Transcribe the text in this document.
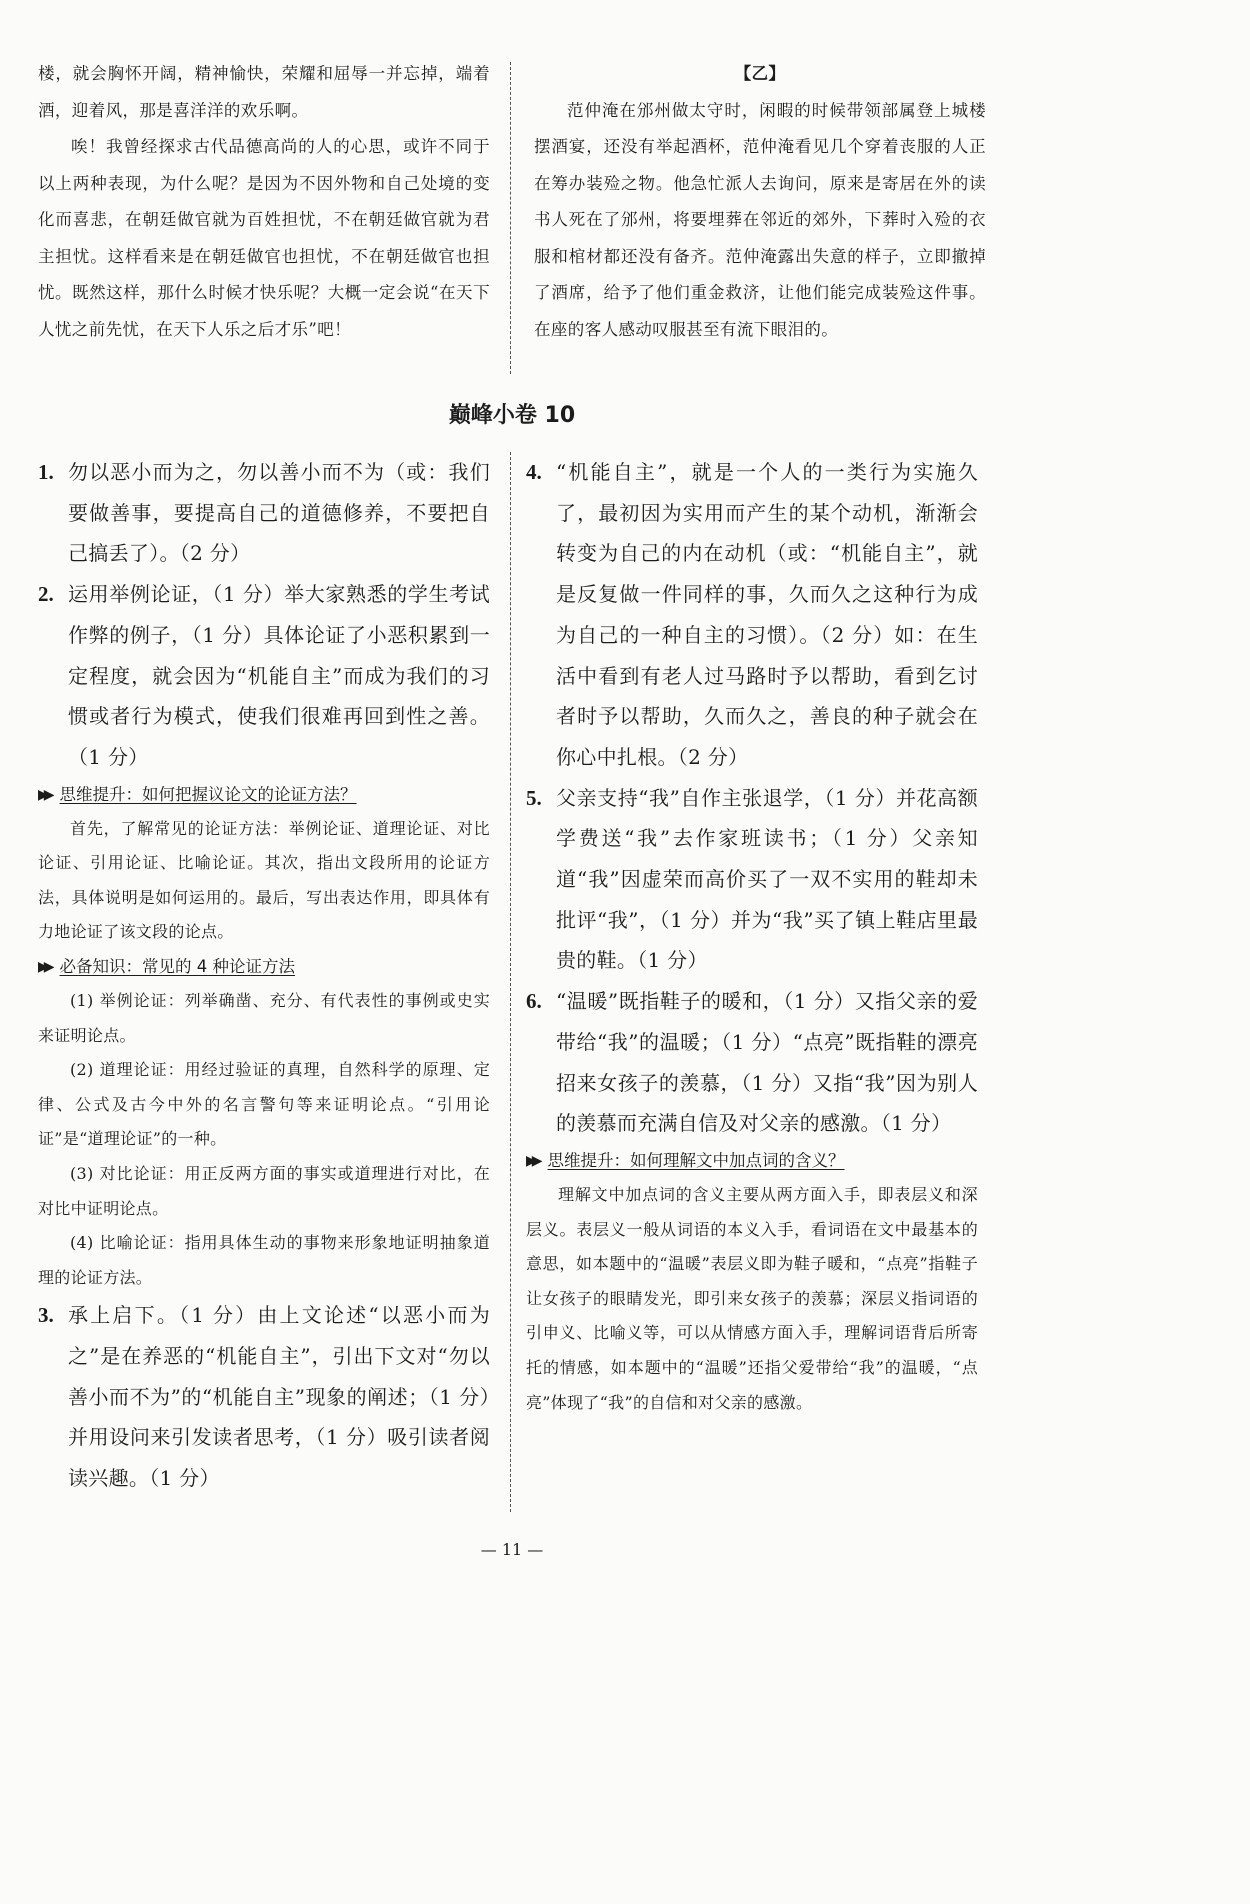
楼，就会胸怀开阔，精神愉快，荣耀和屈辱一并忘掉，端着酒，迎着风，那是喜洋洋的欢乐啊。

唉！我曾经探求古代品德高尚的人的心思，或许不同于以上两种表现，为什么呢？是因为不因外物和自己处境的变化而喜悲，在朝廷做官就为百姓担忧，不在朝廷做官就为君主担忧。这样看来是在朝廷做官也担忧，不在朝廷做官也担忧。既然这样，那什么时候才快乐呢？大概一定会说“在天下人忧之前先忧，在天下人乐之后才乐”吧！

【乙】

范仲淹在邠州做太守时，闲暇的时候带领部属登上城楼摆酒宴，还没有举起酒杯，范仲淹看见几个穿着丧服的人正在筹办装殓之物。他急忙派人去询问，原来是寄居在外的读书人死在了邠州，将要埋葬在邻近的郊外，下葬时入殓的衣服和棺材都还没有备齐。范仲淹露出失意的样子，立即撤掉了酒席，给予了他们重金救济，让他们能完成装殓这件事。在座的客人感动叹服甚至有流下眼泪的。

巅峰小卷 10
1. 勿以恶小而为之，勿以善小而不为（或：我们要做善事，要提高自己的道德修养，不要把自己搞丢了）。（2 分）
2. 运用举例论证，（1 分）举大家熟悉的学生考试作弊的例子，（1 分）具体论证了小恶积累到一定程度，就会因为“机能自主”而成为我们的习惯或者行为模式，使我们很难再回到性之善。（1 分）
▶▶ 思维提升：如何把握议论文的论证方法？

首先，了解常见的论证方法：举例论证、道理论证、对比论证、引用论证、比喻论证。其次，指出文段所用的论证方法，具体说明是如何运用的。最后，写出表达作用，即具体有力地论证了该文段的论点。

▶▶ 必备知识：常见的 4 种论证方法

(1) 举例论证：列举确凿、充分、有代表性的事例或史实来证明论点。

(2) 道理论证：用经过验证的真理，自然科学的原理、定律、公式及古今中外的名言警句等来证明论点。“引用论证”是“道理论证”的一种。

(3) 对比论证：用正反两方面的事实或道理进行对比，在对比中证明论点。

(4) 比喻论证：指用具体生动的事物来形象地证明抽象道理的论证方法。

3. 承上启下。（1 分）由上文论述“以恶小而为之”是在养恶的“机能自主”，引出下文对“勿以善小而不为”的“机能自主”现象的阐述；（1 分）并用设问来引发读者思考，（1 分）吸引读者阅读兴趣。（1 分）
4. “机能自主”，就是一个人的一类行为实施久了，最初因为实用而产生的某个动机，渐渐会转变为自己的内在动机（或：“机能自主”，就是反复做一件同样的事，久而久之这种行为成为自己的一种自主的习惯）。（2 分）如：在生活中看到有老人过马路时予以帮助，看到乞讨者时予以帮助，久而久之，善良的种子就会在你心中扎根。（2 分）
5. 父亲支持“我”自作主张退学，（1 分）并花高额学费送“我”去作家班读书；（1 分）父亲知道“我”因虚荣而高价买了一双不实用的鞋却未批评“我”，（1 分）并为“我”买了镇上鞋店里最贵的鞋。（1 分）
6. “温暖”既指鞋子的暖和，（1 分）又指父亲的爱带给“我”的温暖；（1 分）“点亮”既指鞋的漂亮招来女孩子的羡慕，（1 分）又指“我”因为别人的羡慕而充满自信及对父亲的感激。（1 分）
▶▶ 思维提升：如何理解文中加点词的含义？

理解文中加点词的含义主要从两方面入手，即表层义和深层义。表层义一般从词语的本义入手，看词语在文中最基本的意思，如本题中的“温暖”表层义即为鞋子暖和，“点亮”指鞋子让女孩子的眼睛发光，即引来女孩子的羡慕；深层义指词语的引申义、比喻义等，可以从情感方面入手，理解词语背后所寄托的情感，如本题中的“温暖”还指父爱带给“我”的温暖，“点亮”体现了“我”的自信和对父亲的感激。

— 11 —
